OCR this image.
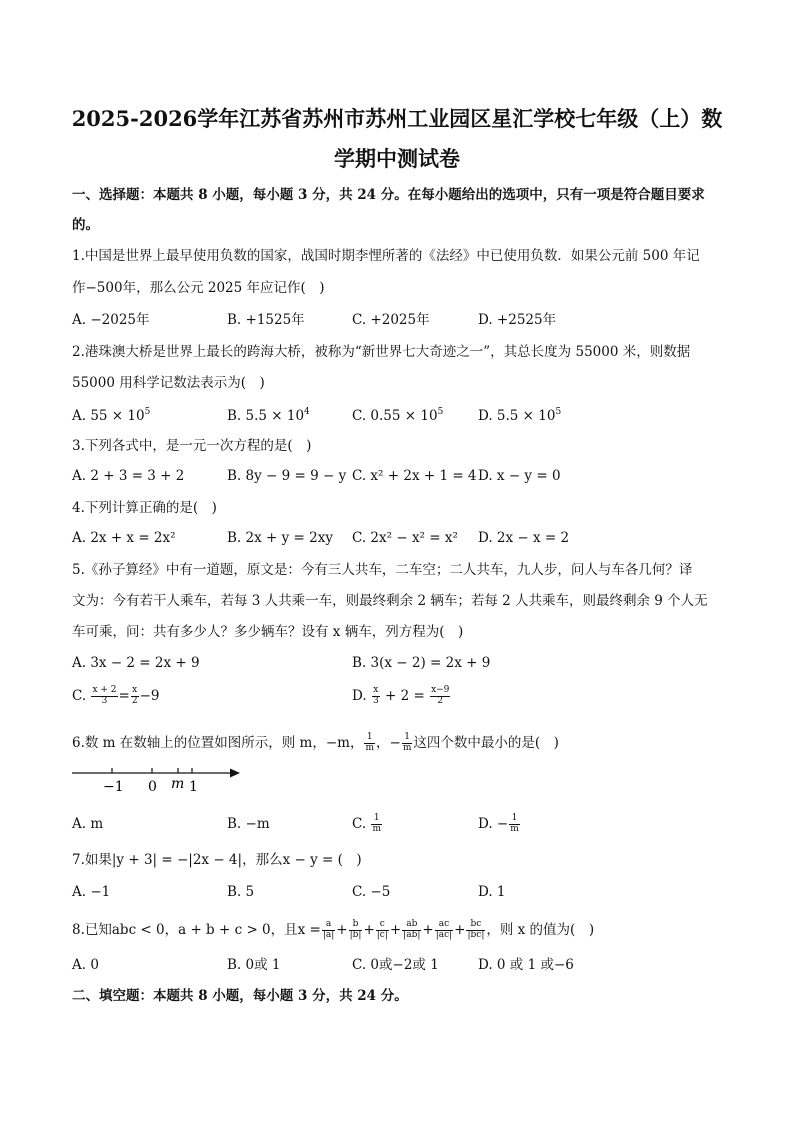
2025-2026学年江苏省苏州市苏州工业园区星汇学校七年级（上）数
学期中测试卷
一、选择题：本题共 8 小题，每小题 3 分，共 24 分。在每小题给出的选项中，只有一项是符合题目要求
的。
1.中国是世界上最早使用负数的国家，战国时期李悝所著的《法经》中已使用负数．如果公元前 500 年记
作−500年，那么公元 2025 年应记作(　)
A. −2025年	B. +1525年	C. +2025年	D. +2525年
2.港珠澳大桥是世界上最长的跨海大桥，被称为“新世界七大奇迹之一”，其总长度为 55000 米，则数据
55000 用科学记数法表示为(　)
A. $55 \times 10^5$	B. $5.5 \times 10^4$	C. $0.55 \times 10^5$	D. $5.5 \times 10^5$
3.下列各式中，是一元一次方程的是(　)
A. 2 + 3 = 3 + 2	B. 8y − 9 = 9 − y C. x² + 2x + 1 = 4 D. x − y = 0
4.下列计算正确的是(　)
A. 2x + x = 2x²	B. 2x + y = 2xy C. 2x² − x² = x² D. 2x − x = 2
5.《孙子算经》中有一道题，原文是：今有三人共车，二车空；二人共车，九人步，问人与车各几何？译
文为：今有若干人乘车，若每 3 人共乘一车，则最终剩余 2 辆车；若每 2 人共乘车，则最终剩余 9 个人无
车可乘，问：共有多少人？多少辆车？设有 x 辆车，列方程为(　)
A. 3x − 2 = 2x + 9	B. 3(x − 2) = 2x + 9
C. $\frac{x + 2}{3} = \frac{x}{2} -9$	D. $\frac{x}{3} + 2 = \frac{x-9}{2}$
6.数 m 在数轴上的位置如图所示，则 m，−m， $\frac{1}{m}$ ，− $\frac{1}{m}$ 这四个数中最小的是(　)
−1 0 m 1
A. m	B. −m	C. $\frac{1}{m}$	D. − $\frac{1}{m}$
7.如果|y + 3| = −|2x − 4|，那么x − y = (　)
A. −1	B. 5	C. −5	D. 1
8.已知abc < 0，a + b + c > 0，且$x = \frac{a}{|a|} + \frac{b}{|b|} + \frac{c}{|c|} + \frac{ab}{|ab|} + \frac{ac}{|ac|} + \frac{bc}{|bc|}$ ，则 x 的值为(　)
A. 0	B. 0或 1	C. 0或−2或 1	D. 0 或 1 或−6
二、填空题：本题共 8 小题，每小题 3 分，共 24 分。
